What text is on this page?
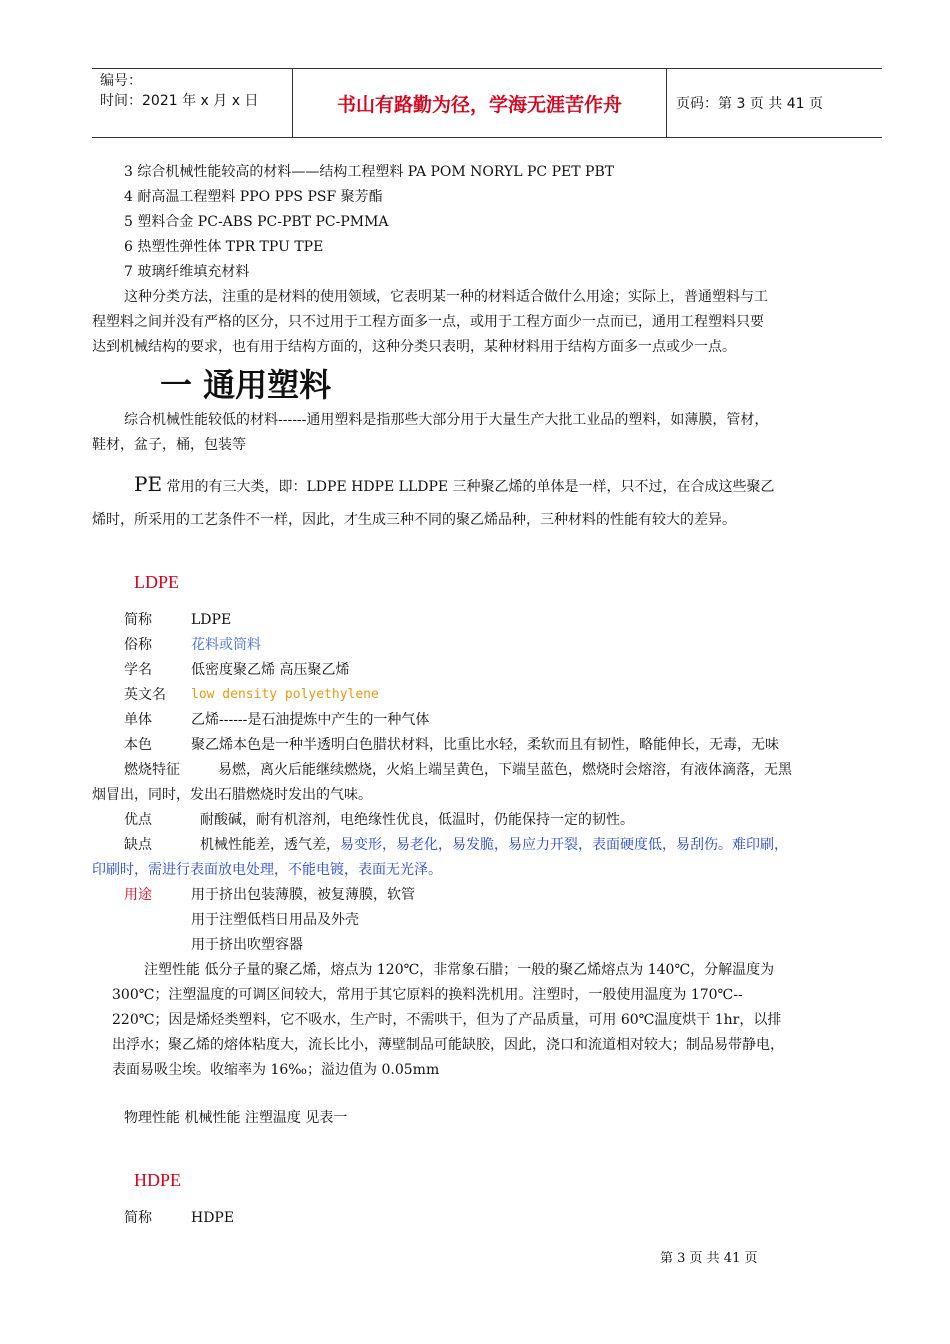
编号：
时间：2021 年 x 月 x 日	书山有路勤为径，学海无涯苦作舟	页码：第 3 页 共 41 页
3 综合机械性能较高的材料——结构工程塑料 PA POM NORYL PC PET PBT
4 耐高温工程塑料 PPO PPS PSF 聚芳酯
5 塑料合金 PC-ABS PC-PBT PC-PMMA
6 热塑性弹性体 TPR TPU TPE
7 玻璃纤维填充材料
这种分类方法，注重的是材料的使用领域，它表明某一种的材料适合做什么用途；实际上，普通塑料与工
程塑料之间并没有严格的区分，只不过用于工程方面多一点，或用于工程方面少一点而已，通用工程塑料只要
达到机械结构的要求，也有用于结构方面的，这种分类只表明，某种材料用于结构方面多一点或少一点。
一 通用塑料
综合机械性能较低的材料------通用塑料是指那些大部分用于大量生产大批工业品的塑料，如薄膜，管材，
鞋材，盆子，桶，包装等
PE 常用的有三大类，即：LDPE HDPE LLDPE 三种聚乙烯的单体是一样，只不过，在合成这些聚乙
烯时，所采用的工艺条件不一样，因此，才生成三种不同的聚乙烯品种，三种材料的性能有较大的差异。
LDPE
简称	LDPE
俗称	花料或筒料
学名	低密度聚乙烯 高压聚乙烯
英文名 low density polyethylene
单体	乙烯------是石油提炼中产生的一种气体
本色	聚乙烯本色是一种半透明白色腊状材料，比重比水轻，柔软而且有韧性，略能伸长，无毒，无味
燃烧特征	易燃，离火后能继续燃烧，火焰上端呈黄色，下端呈蓝色，燃烧时会熔溶，有液体滴落，无黑
烟冒出，同时，发出石腊燃烧时发出的气味。
优点	耐酸碱，耐有机溶剂，电绝缘性优良，低温时，仍能保持一定的韧性。
缺点	机械性能差，透气差，易变形，易老化，易发脆，易应力开裂，表面硬度低，易刮伤。难印刷，
印刷时，需进行表面放电处理，不能电镀，表面无光泽。
用途	用于挤出包装薄膜，被复薄膜，软管
用于注塑低档日用品及外壳
用于挤出吹塑容器
注塑性能 低分子量的聚乙烯，熔点为 120℃，非常象石腊；一般的聚乙烯熔点为 140℃，分解温度为
300℃；注塑温度的可调区间较大，常用于其它原料的换料洗机用。注塑时，一般使用温度为 170℃--
220℃；因是烯烃类塑料，它不吸水，生产时，不需哄干，但为了产品质量，可用 60℃温度烘干 1hr，以排
出浮水；聚乙烯的熔体粘度大，流长比小，薄壁制品可能缺胶，因此，浇口和流道相对较大；制品易带静电，
表面易吸尘埃。收缩率为 16‰；溢边值为 0.05mm
物理性能 机械性能 注塑温度 见表一
HDPE
简称	HDPE
第 3 页 共 41 页
